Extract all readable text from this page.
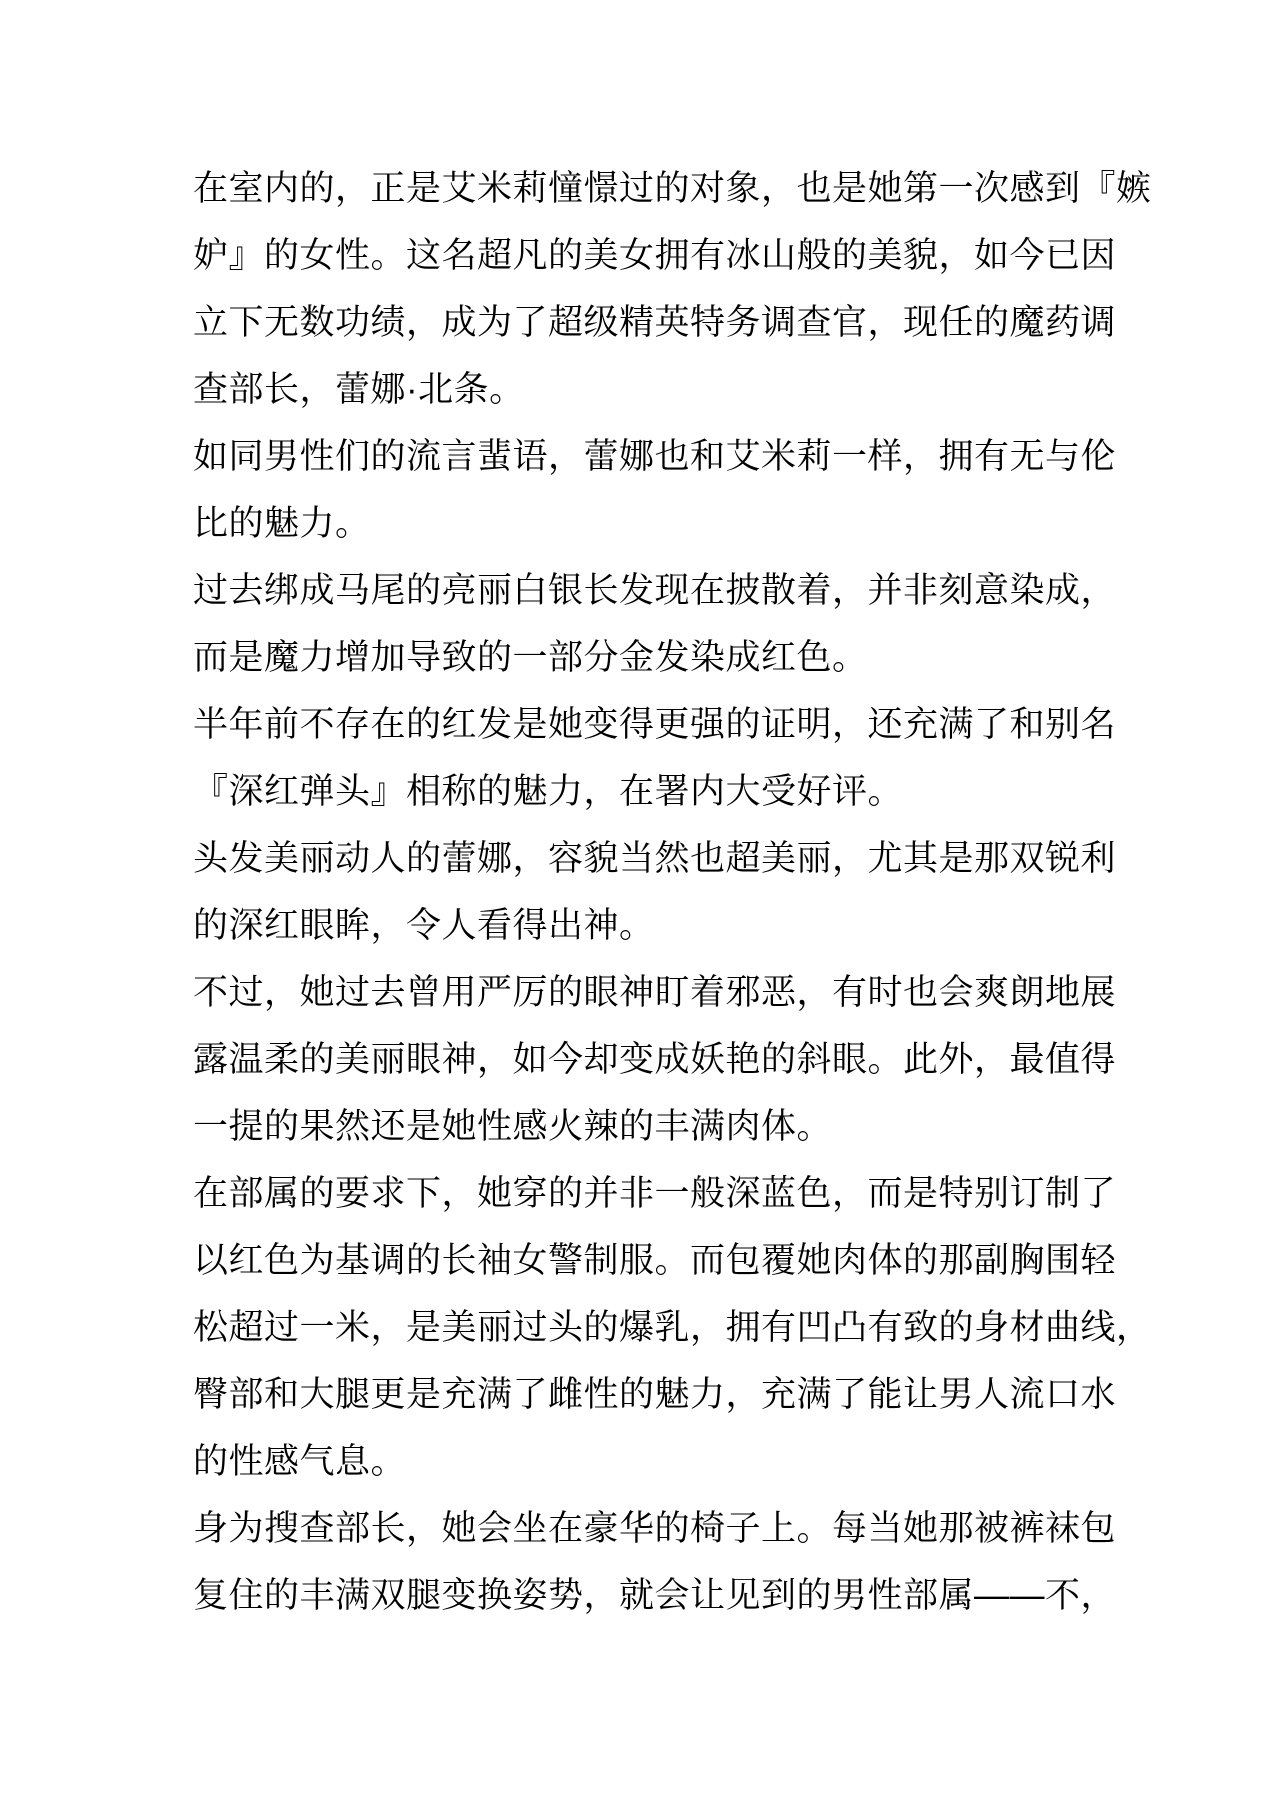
在室内的，正是艾米莉憧憬过的对象，也是她第一次感到『嫉
妒』的女性。这名超凡的美女拥有冰山般的美貌，如今已因
立下无数功绩，成为了超级精英特务调查官，现任的魔药调
查部长，蕾娜·北条。
如同男性们的流言蜚语，蕾娜也和艾米莉一样，拥有无与伦
比的魅力。
过去绑成马尾的亮丽白银长发现在披散着，并非刻意染成，
而是魔力增加导致的一部分金发染成红色。
半年前不存在的红发是她变得更强的证明，还充满了和别名
『深红弹头』相称的魅力，在署内大受好评。
头发美丽动人的蕾娜，容貌当然也超美丽，尤其是那双锐利
的深红眼眸，令人看得出神。
不过，她过去曾用严厉的眼神盯着邪恶，有时也会爽朗地展
露温柔的美丽眼神，如今却变成妖艳的斜眼。此外，最值得
一提的果然还是她性感火辣的丰满肉体。
在部属的要求下，她穿的并非一般深蓝色，而是特别订制了
以红色为基调的长袖女警制服。而包覆她肉体的那副胸围轻
松超过一米，是美丽过头的爆乳，拥有凹凸有致的身材曲线，
臀部和大腿更是充满了雌性的魅力，充满了能让男人流口水
的性感气息。
身为搜查部长，她会坐在豪华的椅子上。每当她那被裤袜包
复住的丰满双腿变换姿势，就会让见到的男性部属——不，
